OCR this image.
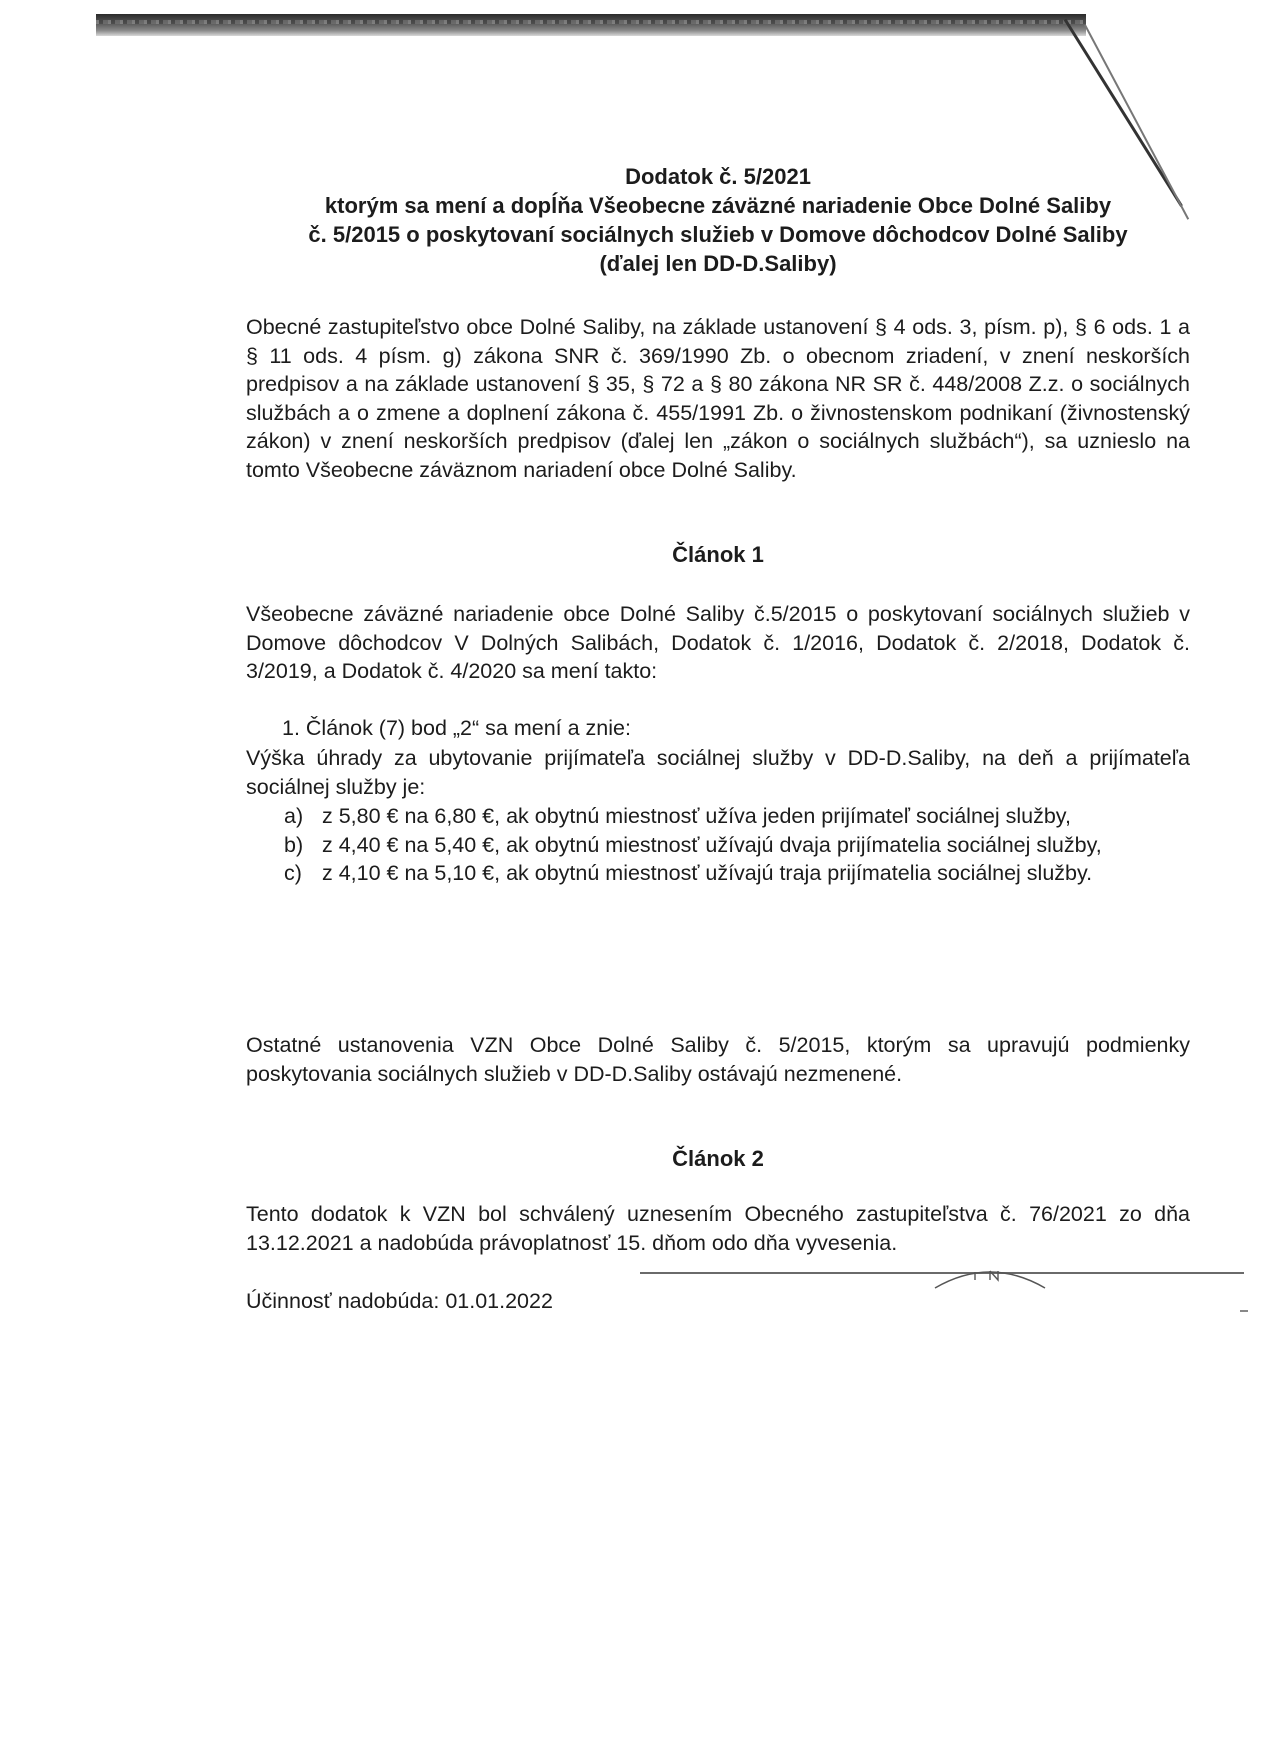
Dodatok č. 5/2021

ktorým sa mení a dopĺňa Všeobecne záväzné nariadenie Obce Dolné Saliby

č. 5/2015 o poskytovaní sociálnych služieb v Domove dôchodcov Dolné Saliby

(ďalej len DD-D.Saliby)

Obecné zastupiteľstvo obce Dolné Saliby, na základe ustanovení § 4 ods. 3, písm. p), § 6 ods. 1 a § 11 ods. 4 písm. g) zákona SNR č. 369/1990 Zb. o obecnom zriadení, v znení neskorších predpisov a na základe ustanovení § 35, § 72 a § 80 zákona NR SR č. 448/2008 Z.z. o sociálnych službách a o zmene a doplnení zákona č. 455/1991 Zb. o živnostenskom podnikaní (živnostenský zákon) v znení neskorších predpisov (ďalej len „zákon o sociálnych službách“), sa uznieslo na tomto Všeobecne záväznom nariadení obce Dolné Saliby.

Článok 1

Všeobecne záväzné nariadenie obce Dolné Saliby č.5/2015 o poskytovaní sociálnych služieb v Domove dôchodcov V Dolných Salibách, Dodatok č. 1/2016, Dodatok č. 2/2018, Dodatok č. 3/2019, a Dodatok č. 4/2020 sa mení takto:

1. Článok (7) bod „2“ sa mení a znie:

Výška úhrady za ubytovanie prijímateľa sociálnej služby v DD-D.Saliby, na deň a prijímateľa sociálnej služby je:

a) z 5,80 € na 6,80 €, ak obytnú miestnosť užíva jeden prijímateľ sociálnej služby,
b) z 4,40 € na 5,40 €, ak obytnú miestnosť užívajú dvaja prijímatelia sociálnej služby,
c) z 4,10 € na 5,10 €, ak obytnú miestnosť užívajú traja prijímatelia sociálnej služby.

Ostatné ustanovenia VZN Obce Dolné Saliby č. 5/2015, ktorým sa upravujú podmienky poskytovania sociálnych služieb v DD-D.Saliby ostávajú nezmenené.

Článok 2

Tento dodatok k VZN bol schválený uznesením Obecného zastupiteľstva č. 76/2021 zo dňa 13.12.2021 a nadobúda právoplatnosť 15. dňom odo dňa vyvesenia.

Účinnosť nadobúda: 01.01.2022
